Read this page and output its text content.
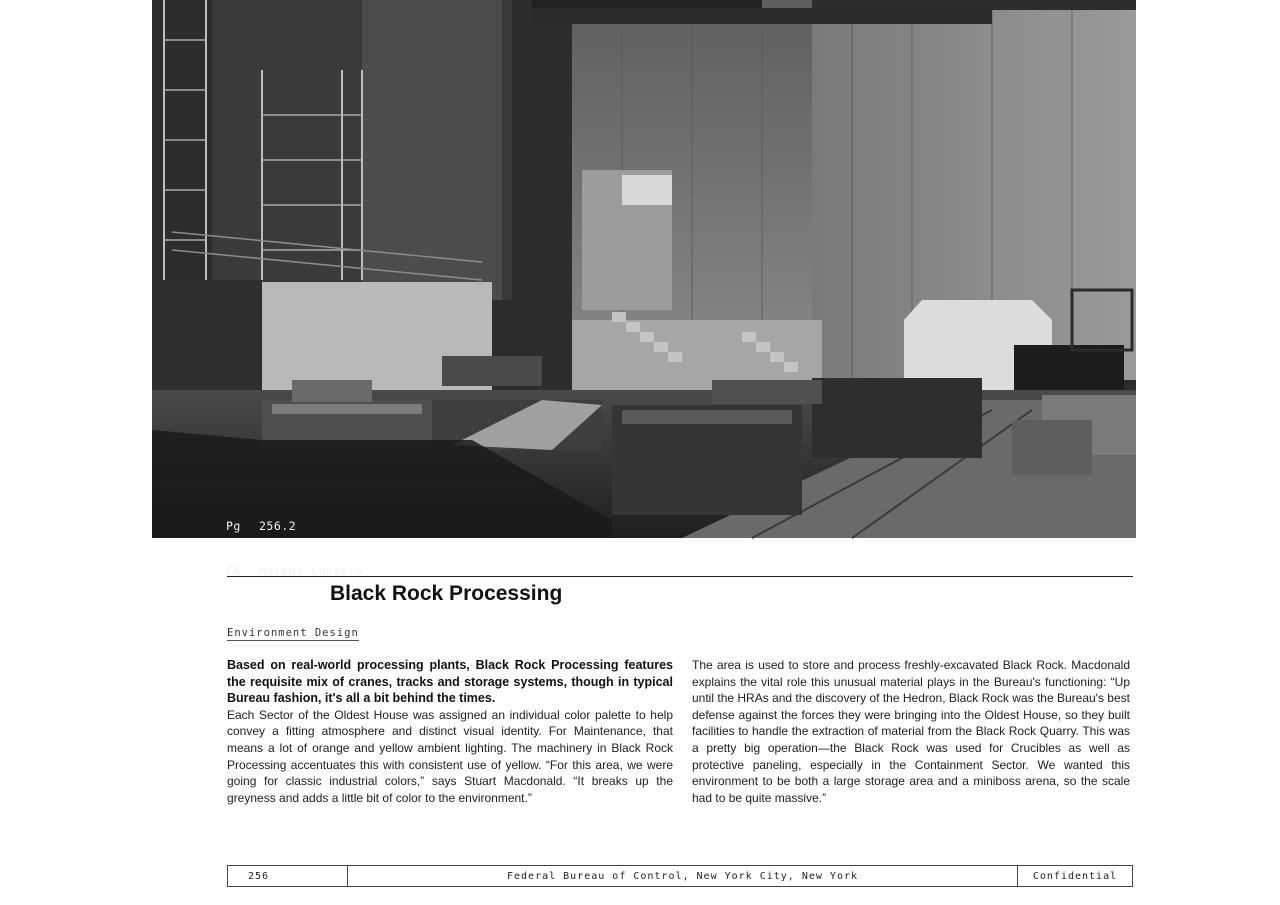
Pg	256.2

CA	Markus Luotero

Black Rock Processing
Environment Design

Based on real-world processing plants, Black Rock Processing features the requisite mix of cranes, tracks and storage systems, though in typical Bureau fashion, it's all a bit behind the times.

Each Sector of the Oldest House was assigned an individual color palette to help convey a fitting atmosphere and distinct visual identity. For Maintenance, that means a lot of orange and yellow ambient lighting. The machinery in Black Rock Processing accentuates this with consistent use of yellow. “For this area, we were going for classic industrial colors,” says Stuart Macdonald. “It breaks up the greyness and adds a little bit of color to the environment.”

The area is used to store and process freshly-excavated Black Rock. Macdonald explains the vital role this unusual material plays in the Bureau's functioning: “Up until the HRAs and the discovery of the Hedron, Black Rock was the Bureau's best defense against the forces they were bringing into the Oldest House, so they built facilities to handle the extraction of material from the Black Rock Quarry. This was a pretty big operation—the Black Rock was used for Crucibles as well as protective paneling, especially in the Containment Sector. We wanted this environment to be both a large storage area and a miniboss arena, so the scale had to be quite massive.”

256	Federal Bureau of Control, New York City, New York	Confidential
